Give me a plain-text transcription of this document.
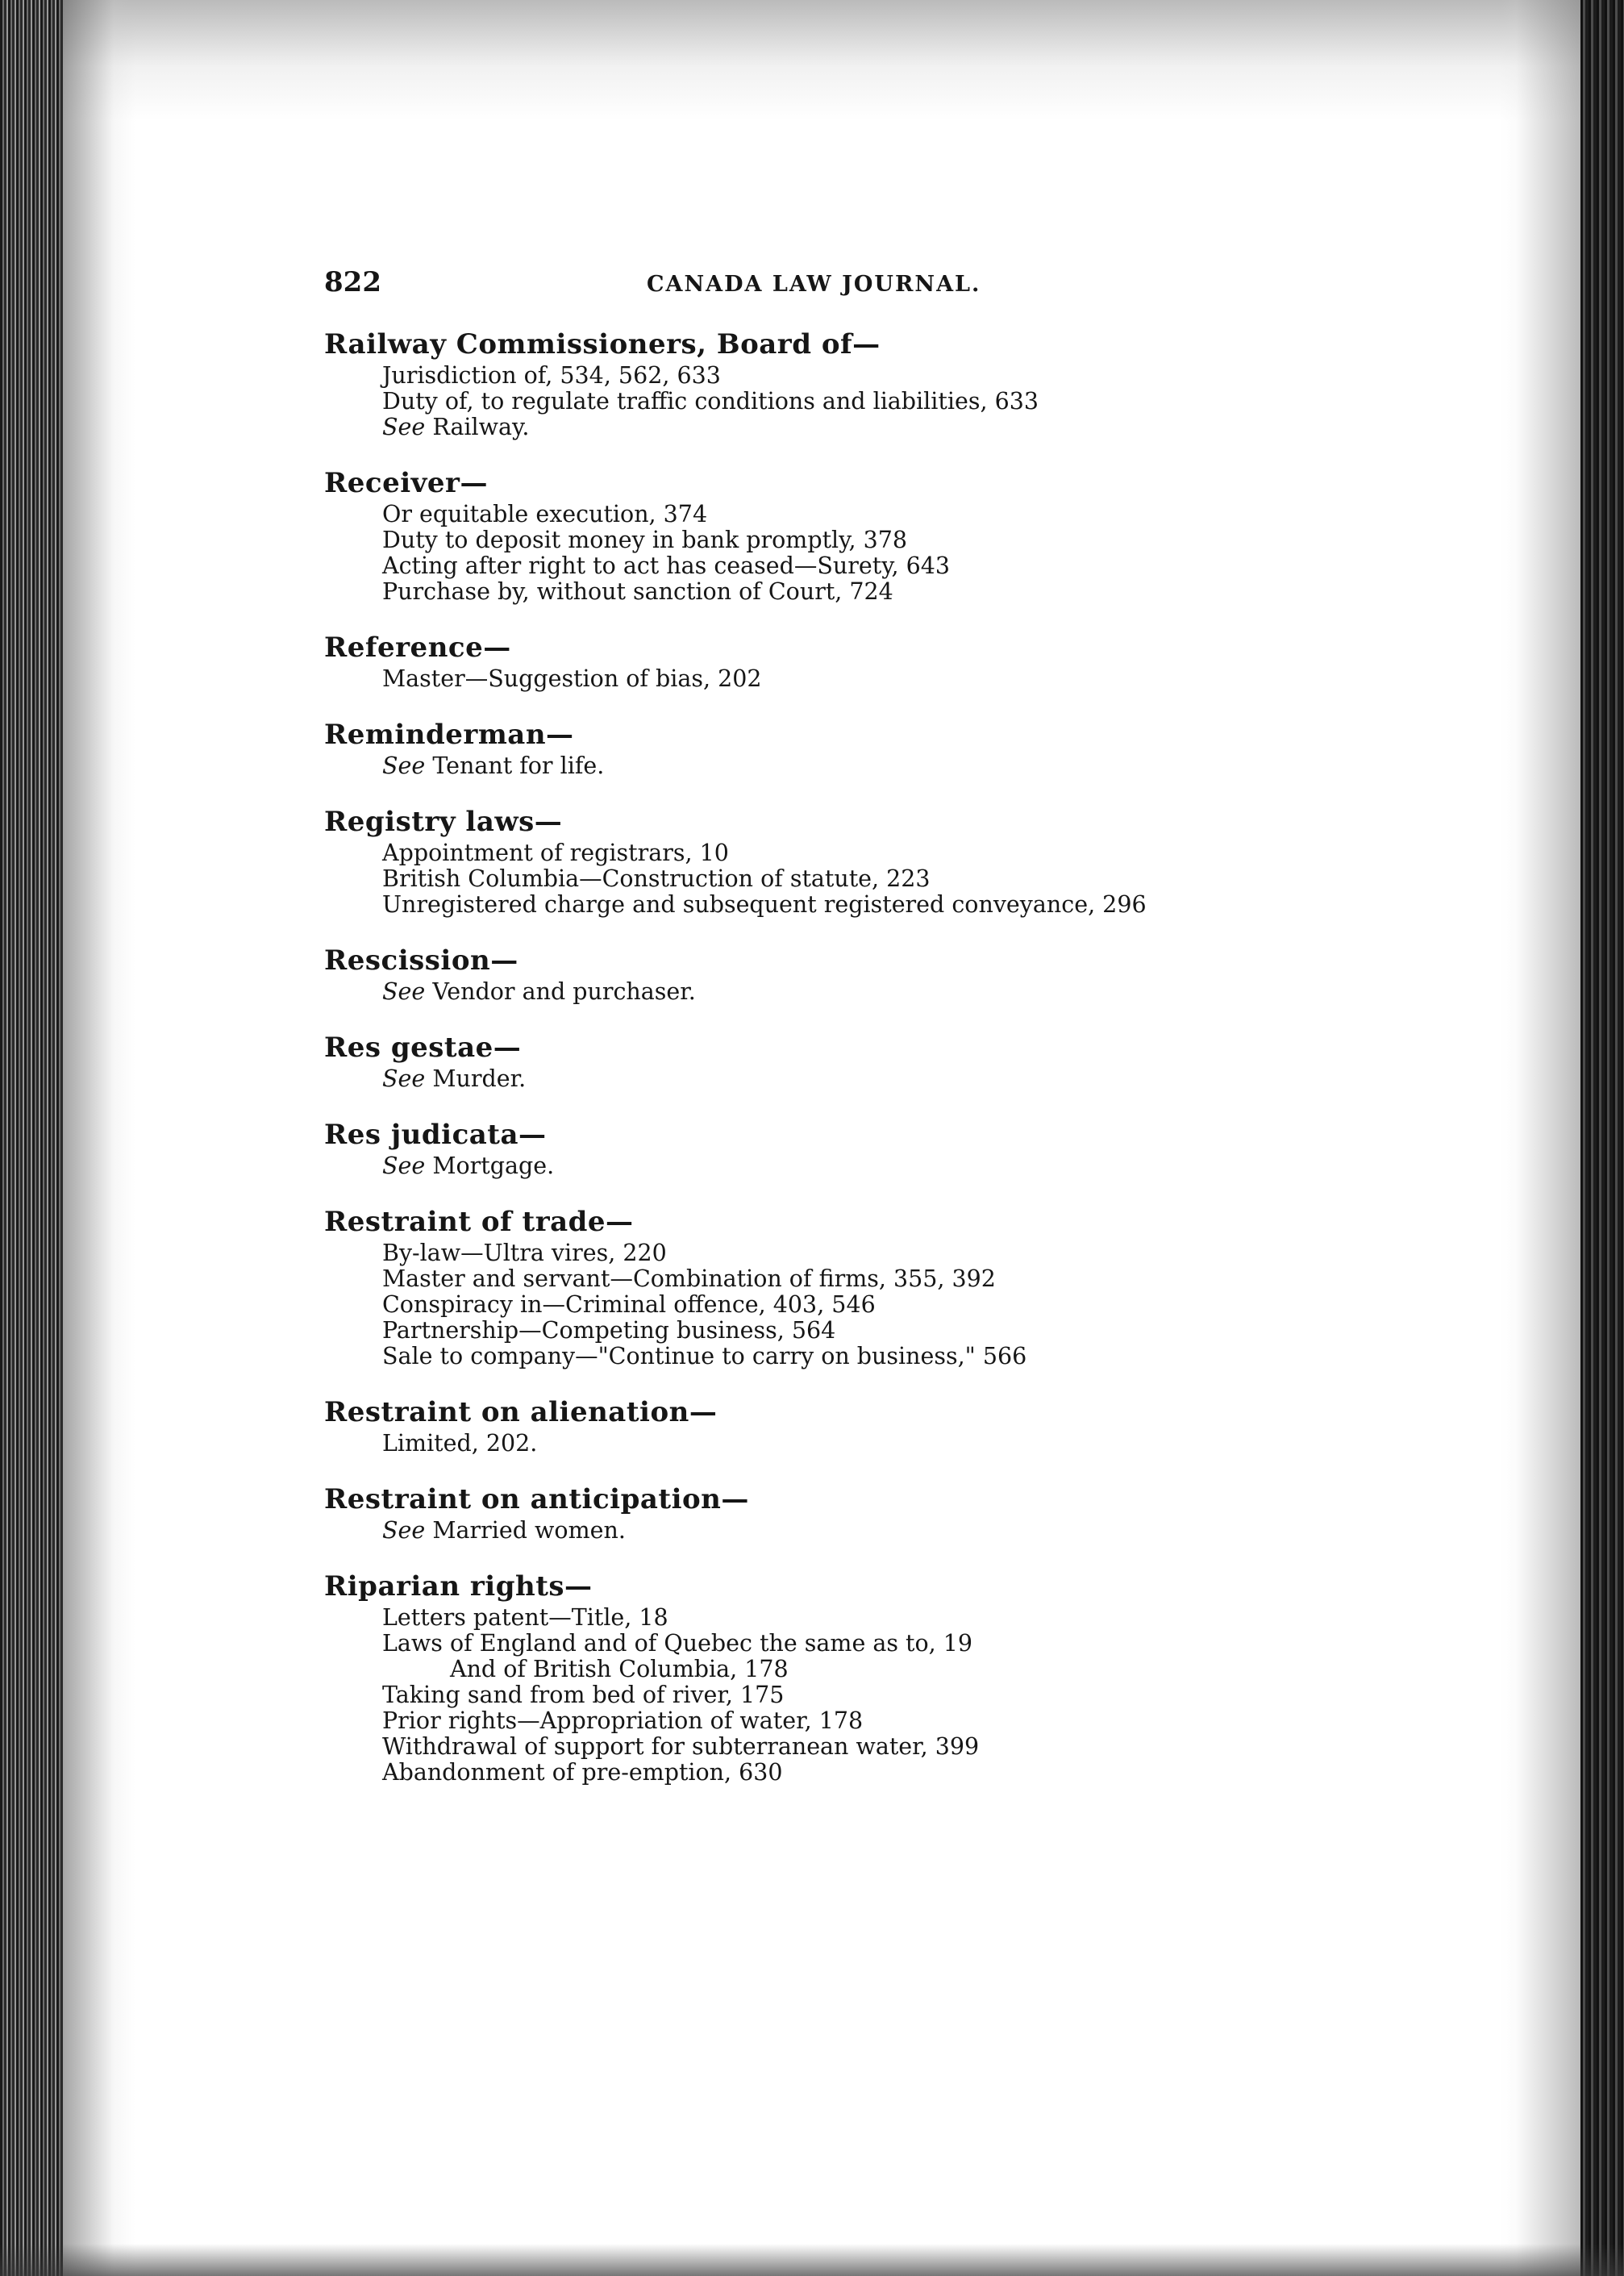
822	CANADA LAW JOURNAL.
Railway Commissioners, Board of—
Jurisdiction of, 534, 562, 633
Duty of, to regulate traffic conditions and liabilities, 633
See Railway.
Receiver—
Or equitable execution, 374
Duty to deposit money in bank promptly, 378
Acting after right to act has ceased—Surety, 643
Purchase by, without sanction of Court, 724
Reference—
Master—Suggestion of bias, 202
Reminderman—
See Tenant for life.
Registry laws—
Appointment of registrars, 10
British Columbia—Construction of statute, 223
Unregistered charge and subsequent registered conveyance, 296
Rescission—
See Vendor and purchaser.
Res gestae—
See Murder.
Res judicata—
See Mortgage.
Restraint of trade—
By-law—Ultra vires, 220
Master and servant—Combination of firms, 355, 392
Conspiracy in—Criminal offence, 403, 546
Partnership—Competing business, 564
Sale to company—"Continue to carry on business," 566
Restraint on alienation—
Limited, 202.
Restraint on anticipation—
See Married women.
Riparian rights—
Letters patent—Title, 18
Laws of England and of Quebec the same as to, 19
And of British Columbia, 178
Taking sand from bed of river, 175
Prior rights—Appropriation of water, 178
Withdrawal of support for subterranean water, 399
Abandonment of pre-emption, 630
